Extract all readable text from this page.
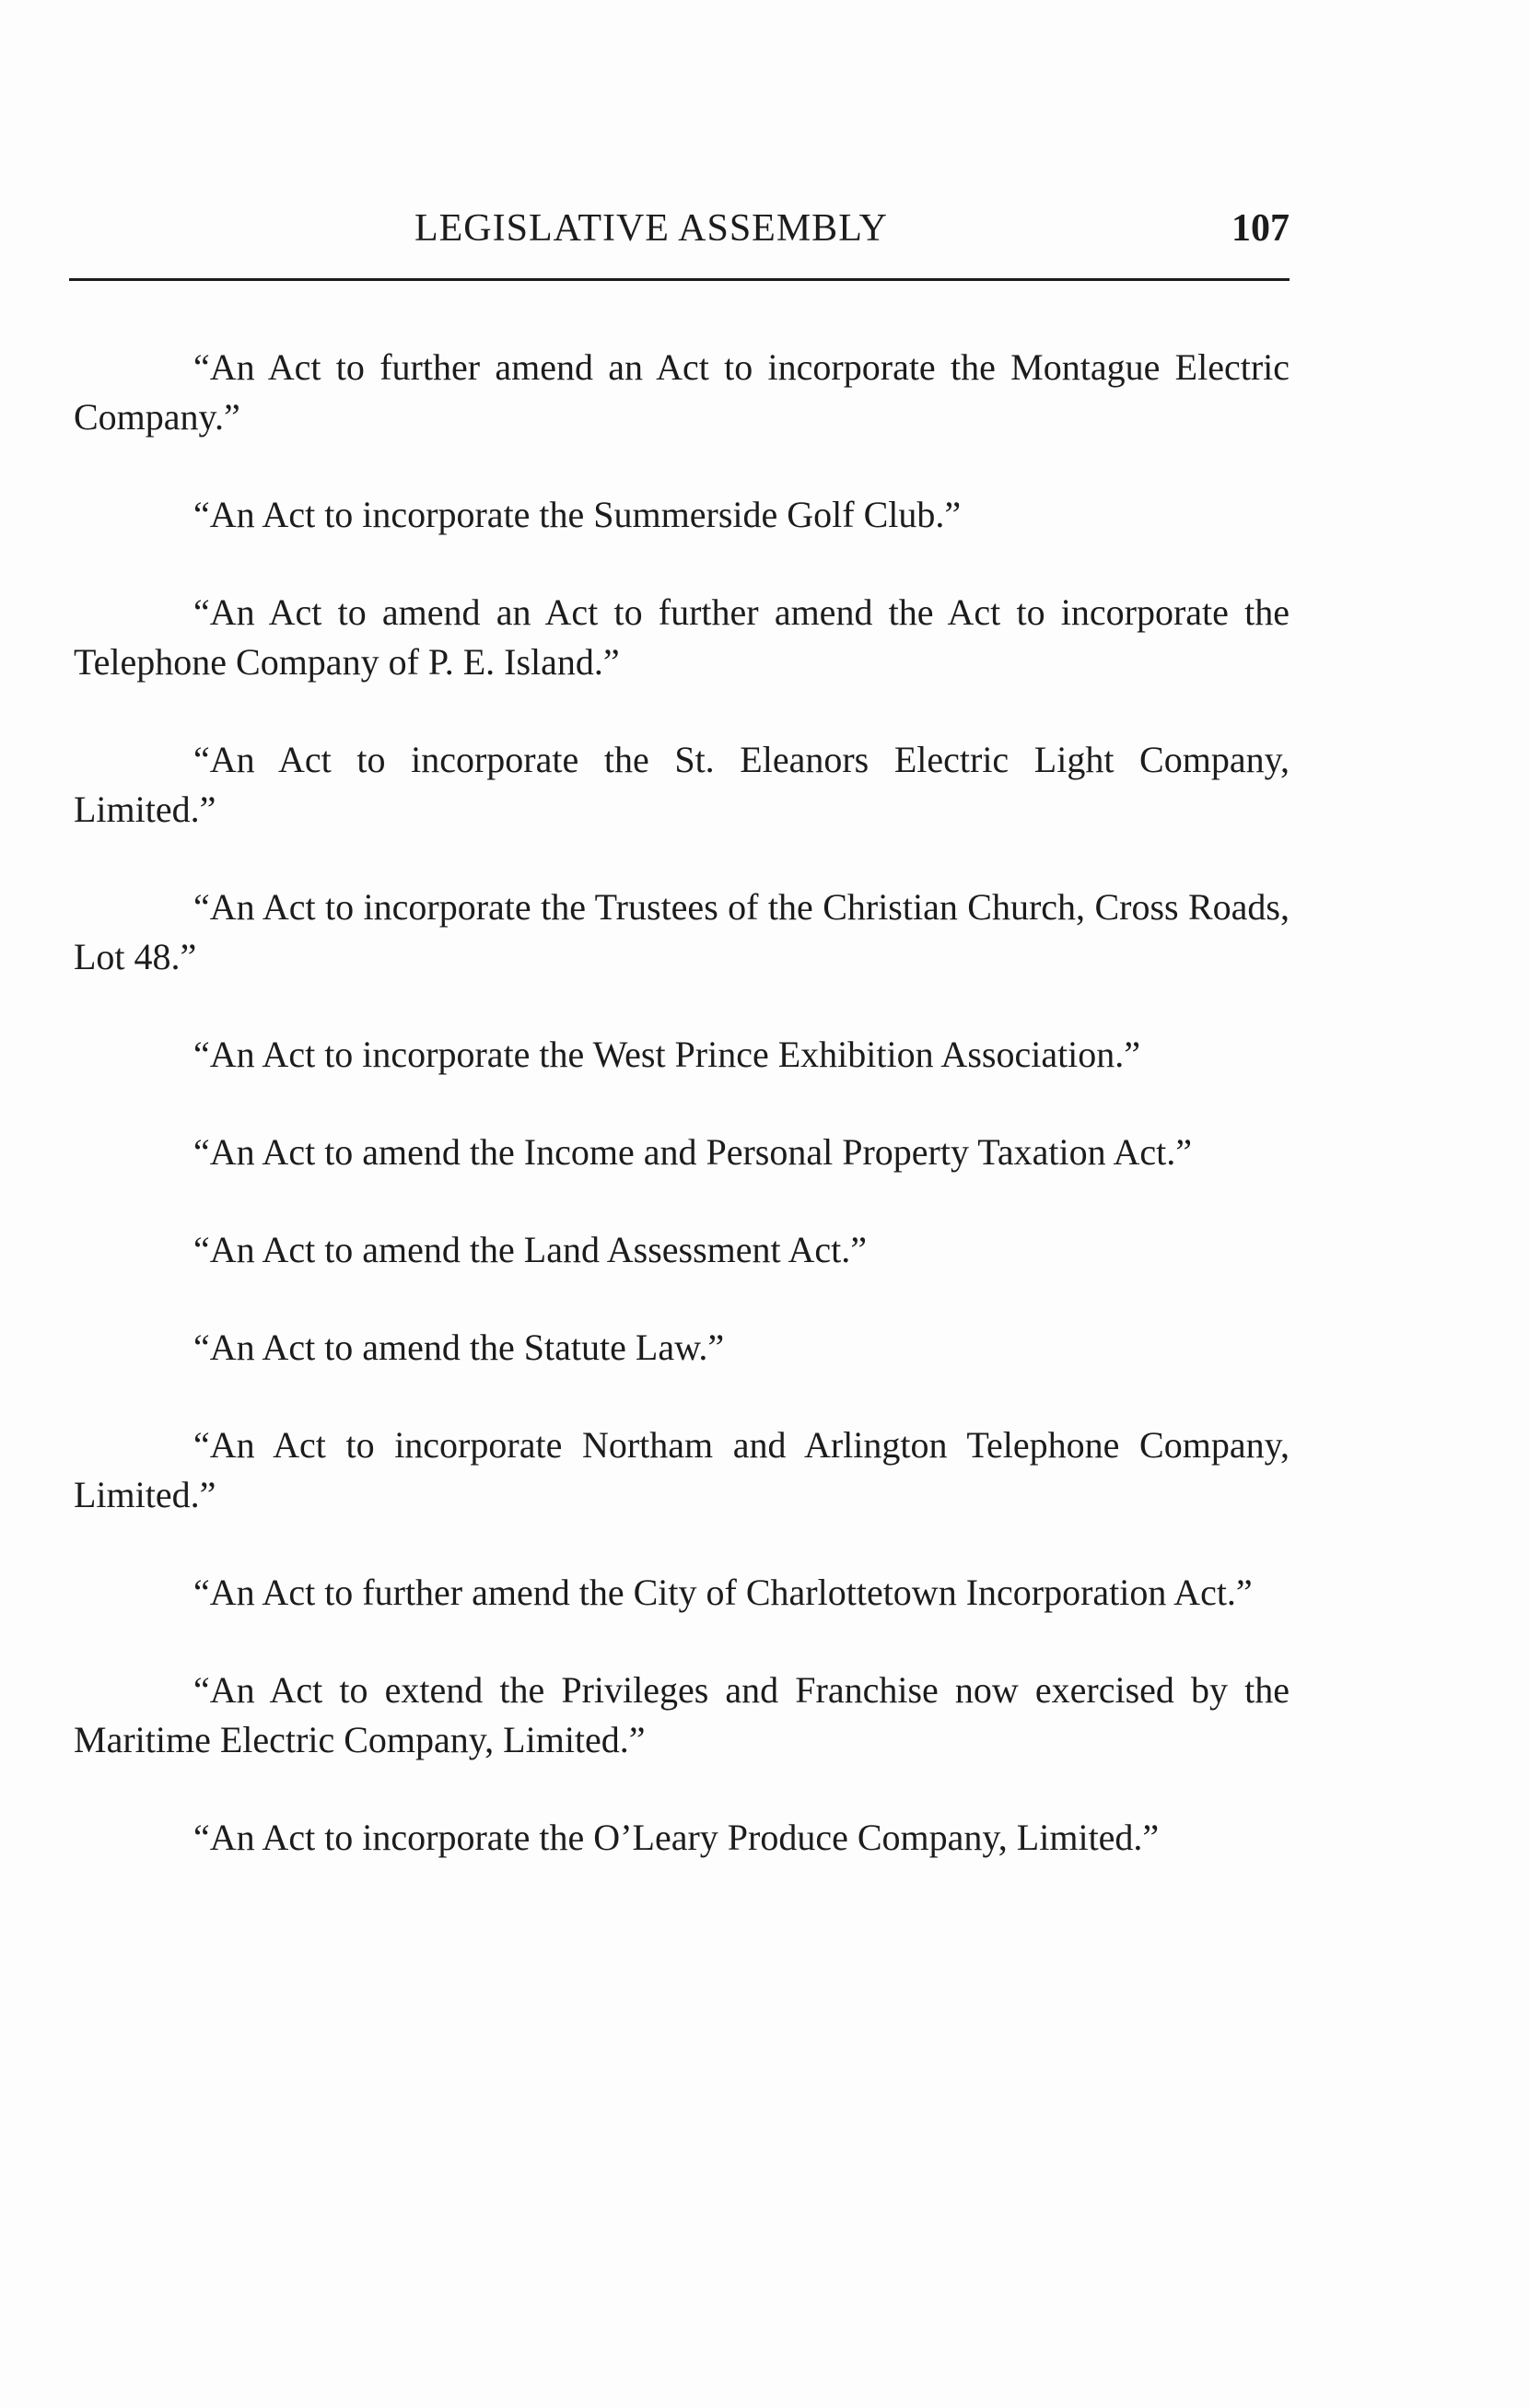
LEGISLATIVE ASSEMBLY	107
“An Act to further amend an Act to incorporate the Montague Electric Company.”
“An Act to incorporate the Summerside Golf Club.”
“An Act to amend an Act to further amend the Act to incorporate the Telephone Company of P. E. Island.”
“An Act to incorporate the St. Eleanors Electric Light Company, Limited.”
“An Act to incorporate the Trustees of the Christian Church, Cross Roads, Lot 48.”
“An Act to incorporate the West Prince Exhibition Association.”
“An Act to amend the Income and Personal Property Taxation Act.”
“An Act to amend the Land Assessment Act.”
“An Act to amend the Statute Law.”
“An Act to incorporate Northam and Arlington Telephone Company, Limited.”
“An Act to further amend the City of Charlottetown Incorporation Act.”
“An Act to extend the Privileges and Franchise now exercised by the Maritime Electric Company, Limited.”
“An Act to incorporate the O’Leary Produce Company, Limited.”
